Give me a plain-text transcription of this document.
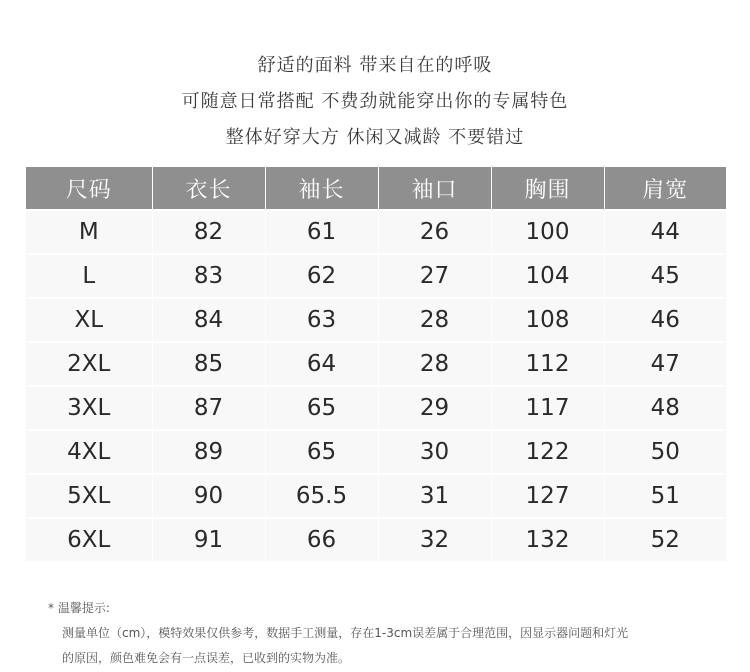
舒适的面料 带来自在的呼吸
可随意日常搭配 不费劲就能穿出你的专属特色
整体好穿大方 休闲又减龄 不要错过
尺码	衣长	袖长	袖口	胸围	肩宽
M	82	61	26	100	44
L	83	62	27	104	45
XL	84	63	28	108	46
2XL	85	64	28	112	47
3XL	87	65	29	117	48
4XL	89	65	30	122	50
5XL	90	65.5	31	127	51
6XL	91	66	32	132	52
* 温馨提示:
测量单位（cm），模特效果仅供参考，数据手工测量，存在1-3cm误差属于合理范围，因显示器问题和灯光
的原因，颜色难免会有一点误差，已收到的实物为准。
